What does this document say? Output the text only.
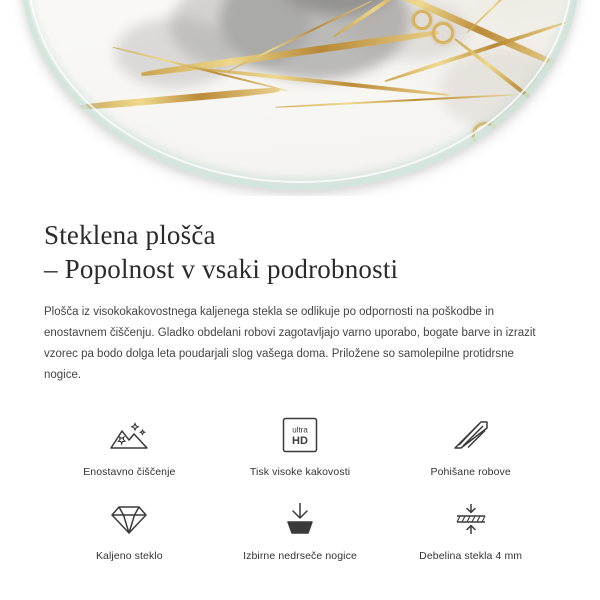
Steklena plošča
– Popolnost v vsaki podrobnosti

Plošča iz visokokakovostnega kaljenega stekla se odlikuje po odpornosti na poškodbe in enostavnem čiščenju. Gladko obdelani robovi zagotavljajo varno uporabo, bogate barve in izrazit vzorec pa bodo dolga leta poudarjali slog vašega doma. Priložene so samolepilne protidrsne nogice.

Enostavno čiščenje
ultra
HD
Tisk visoke kakovosti	Pohišane robove
Kaljeno steklo	Izbirne nedrseče nogice	Debelina stekla 4 mm
